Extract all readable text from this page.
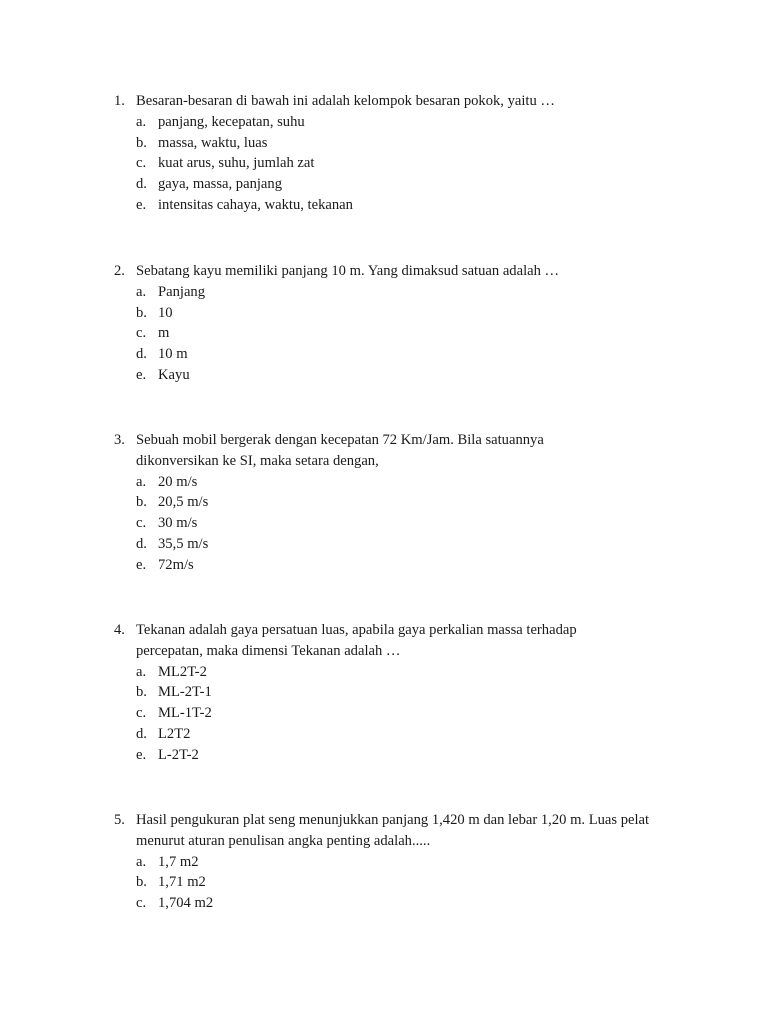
1. Besaran-besaran di bawah ini adalah kelompok besaran pokok, yaitu …
a. panjang, kecepatan, suhu
b. massa, waktu, luas
c. kuat arus, suhu, jumlah zat
d. gaya, massa, panjang
e. intensitas cahaya, waktu, tekanan
2. Sebatang kayu memiliki panjang 10 m. Yang dimaksud satuan adalah …
a. Panjang
b. 10
c. m
d. 10 m
e. Kayu
3. Sebuah mobil bergerak dengan kecepatan 72 Km/Jam. Bila satuannya
dikonversikan ke SI, maka setara dengan,
a. 20 m/s
b. 20,5 m/s
c. 30 m/s
d. 35,5 m/s
e. 72m/s
4. Tekanan adalah gaya persatuan luas, apabila gaya perkalian massa terhadap
percepatan, maka dimensi Tekanan adalah …
a. ML2T-2
b. ML-2T-1
c. ML-1T-2
d. L2T2
e. L-2T-2
5. Hasil pengukuran plat seng menunjukkan panjang 1,420 m dan lebar 1,20 m. Luas pelat
menurut aturan penulisan angka penting adalah.....
a. 1,7 m2
b. 1,71 m2
c. 1,704 m2
